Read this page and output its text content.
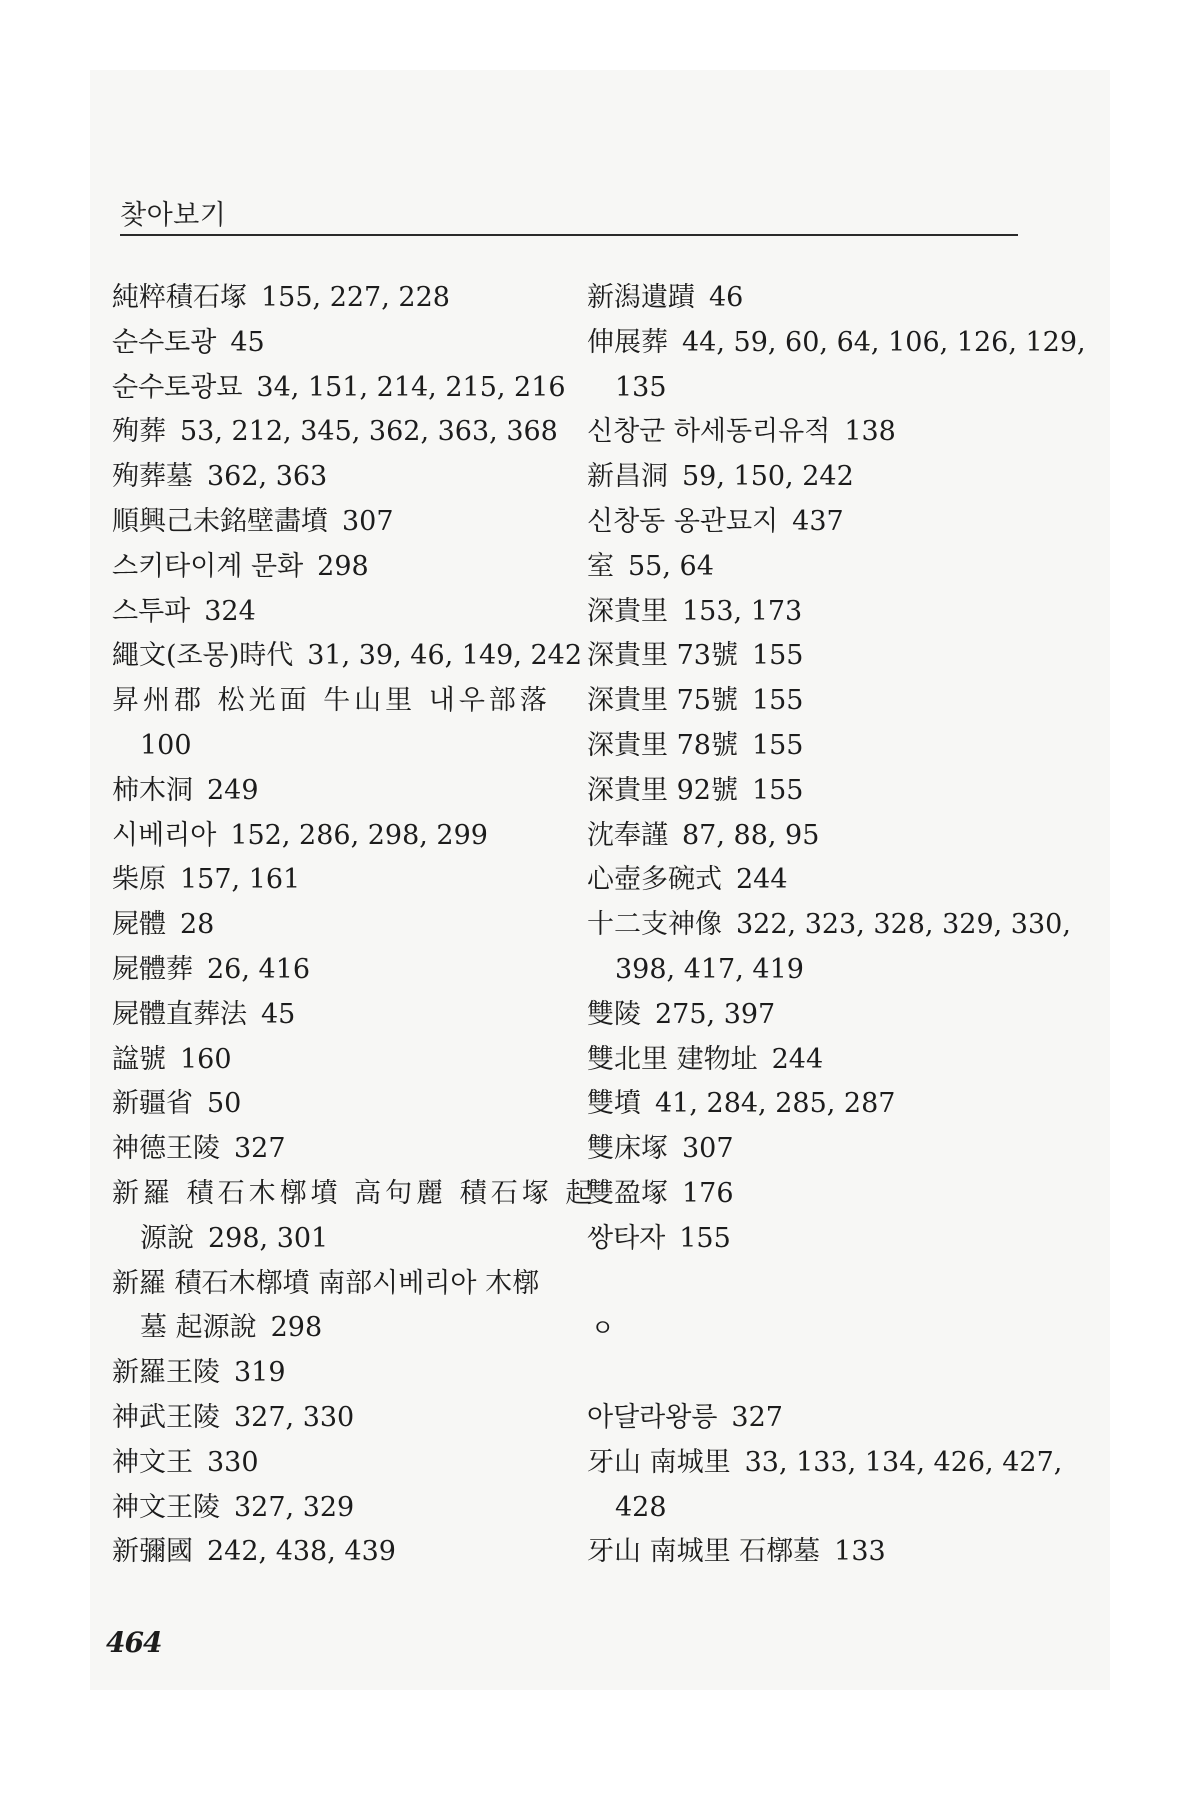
찾아보기
純粹積石塚 155, 227, 228
순수토광 45
순수토광묘 34, 151, 214, 215, 216
殉葬 53, 212, 345, 362, 363, 368
殉葬墓 362, 363
順興己未銘壁畵墳 307
스키타이계 문화 298
스투파 324
繩文(조몽)時代 31, 39, 46, 149, 242
昇州郡 松光面 牛山里 내우部落
100
柿木洞 249
시베리아 152, 286, 298, 299
柴原 157, 161
屍體 28
屍體葬 26, 416
屍體直葬法 45
諡號 160
新疆省 50
神德王陵 327
新羅 積石木槨墳 高句麗 積石塚 起
源說 298, 301
新羅 積石木槨墳 南部시베리아 木槨
墓 起源說 298
新羅王陵 319
神武王陵 327, 330
神文王 330
神文王陵 327, 329
新彌國 242, 438, 439
新潟遺蹟 46
伸展葬 44, 59, 60, 64, 106, 126, 129,
135
신창군 하세동리유적 138
新昌洞 59, 150, 242
신창동 옹관묘지 437
室 55, 64
深貴里 153, 173
深貴里 73號 155
深貴里 75號 155
深貴里 78號 155
深貴里 92號 155
沈奉謹 87, 88, 95
心壺多碗式 244
十二支神像 322, 323, 328, 329, 330,
398, 417, 419
雙陵 275, 397
雙北里 建物址 244
雙墳 41, 284, 285, 287
雙床塚 307
雙盈塚 176
쌍타자 155
ㅇ
아달라왕릉 327
牙山 南城里 33, 133, 134, 426, 427,
428
牙山 南城里 石槨墓 133
464
